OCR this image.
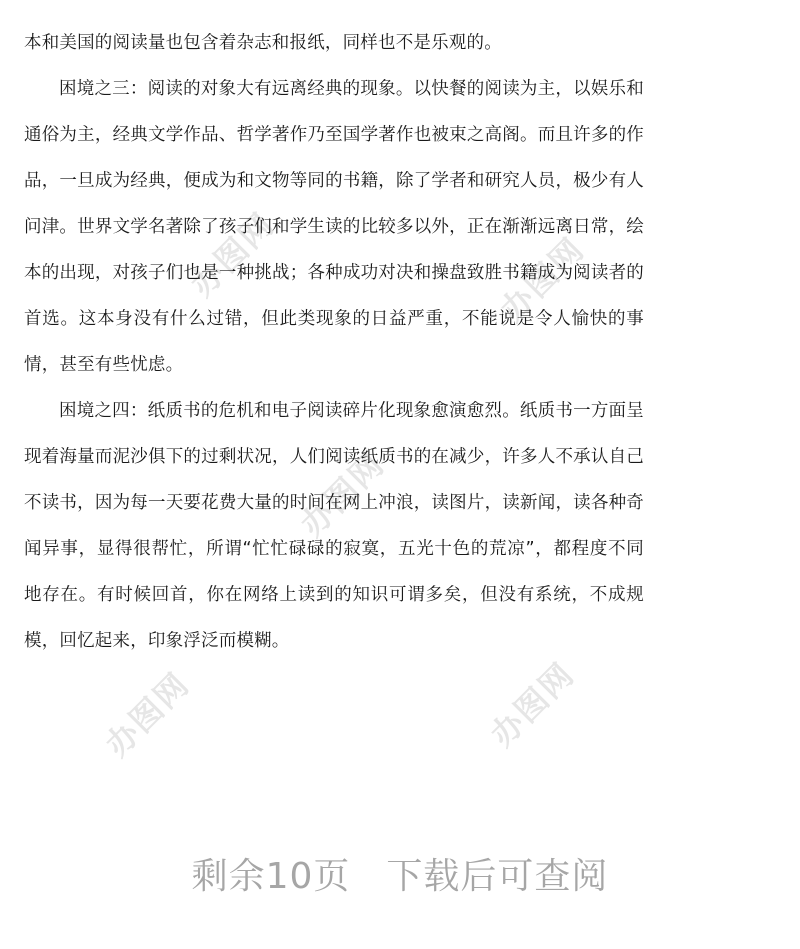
办图网	办图网
办图网
办图网	办图网

本和美国的阅读量也包含着杂志和报纸，同样也不是乐观的。

困境之三：阅读的对象大有远离经典的现象。以快餐的阅读为主，以娱乐和通俗为主，经典文学作品、哲学著作乃至国学著作也被束之高阁。而且许多的作品，一旦成为经典，便成为和文物等同的书籍，除了学者和研究人员，极少有人问津。世界文学名著除了孩子们和学生读的比较多以外，正在渐渐远离日常，绘本的出现，对孩子们也是一种挑战；各种成功对决和操盘致胜书籍成为阅读者的首选。这本身没有什么过错，但此类现象的日益严重，不能说是令人愉快的事情，甚至有些忧虑。

困境之四：纸质书的危机和电子阅读碎片化现象愈演愈烈。纸质书一方面呈现着海量而泥沙俱下的过剩状况，人们阅读纸质书的在减少，许多人不承认自己不读书，因为每一天要花费大量的时间在网上冲浪，读图片，读新闻，读各种奇闻异事，显得很帮忙，所谓“忙忙碌碌的寂寞，五光十色的荒凉”，都程度不同地存在。有时候回首，你在网络上读到的知识可谓多矣，但没有系统，不成规模，回忆起来，印象浮泛而模糊。

剩余10页 下载后可查阅
